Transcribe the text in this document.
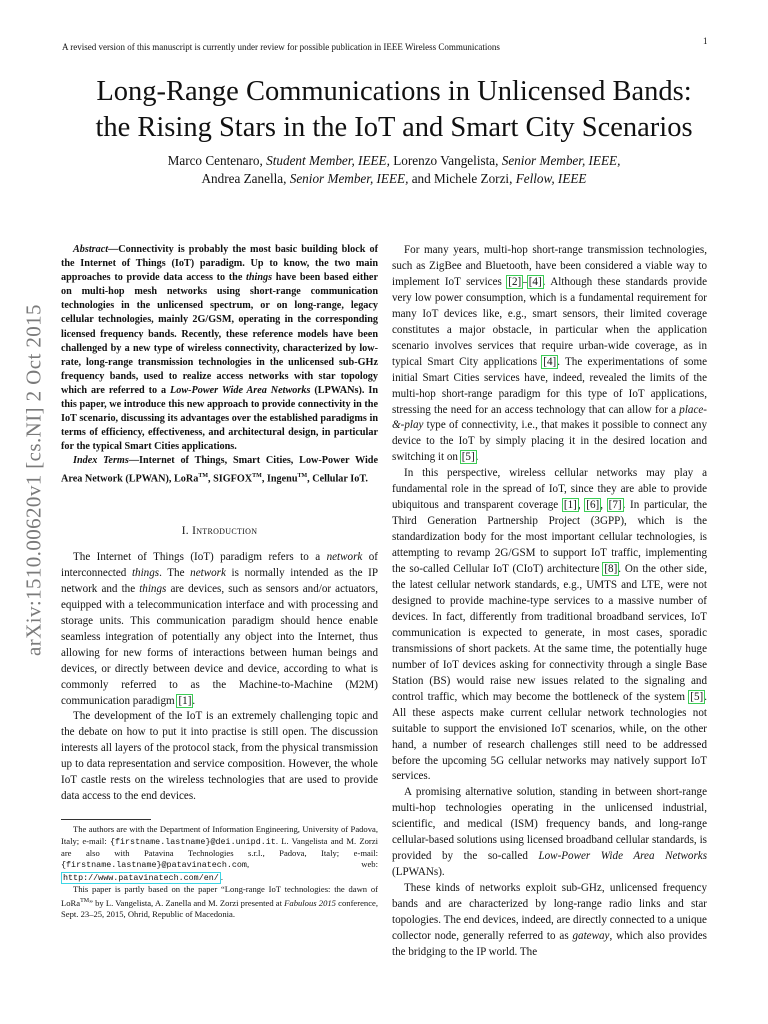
A revised version of this manuscript is currently under review for possible publication in IEEE Wireless Communications
1
arXiv:1510.00620v1 [cs.NI] 2 Oct 2015
Long-Range Communications in Unlicensed Bands:
the Rising Stars in the IoT and Smart City Scenarios
Marco Centenaro, Student Member, IEEE, Lorenzo Vangelista, Senior Member, IEEE,
Andrea Zanella, Senior Member, IEEE, and Michele Zorzi, Fellow, IEEE

Abstract—Connectivity is probably the most basic building block of the Internet of Things (IoT) paradigm. Up to know, the two main approaches to provide data access to the things have been based either on multi-hop mesh networks using short-range communication technologies in the unlicensed spectrum, or on long-range, legacy cellular technologies, mainly 2G/GSM, operating in the corresponding licensed frequency bands. Recently, these reference models have been challenged by a new type of wireless connectivity, characterized by low-rate, long-range transmission technologies in the unlicensed sub-GHz frequency bands, used to realize access networks with star topology which are referred to a Low-Power Wide Area Networks (LPWANs). In this paper, we introduce this new approach to provide connectivity in the IoT scenario, discussing its advantages over the established paradigms in terms of efficiency, effectiveness, and architectural design, in particular for the typical Smart Cities applications.

Index Terms—Internet of Things, Smart Cities, Low-Power Wide Area Network (LPWAN), LoRa™, SIGFOX™, Ingenu™, Cellular IoT.

I. Introduction

The Internet of Things (IoT) paradigm refers to a network of interconnected things. The network is normally intended as the IP network and the things are devices, such as sensors and/or actuators, equipped with a telecommunication interface and with processing and storage units. This communication paradigm should hence enable seamless integration of potentially any object into the Internet, thus allowing for new forms of interactions between human beings and devices, or directly between device and device, according to what is commonly referred to as the Machine-to-Machine (M2M) communication paradigm [1].

The development of the IoT is an extremely challenging topic and the debate on how to put it into practise is still open. The discussion interests all layers of the protocol stack, from the physical transmission up to data representation and service composition. However, the whole IoT castle rests on the wireless technologies that are used to provide data access to the end devices.

The authors are with the Department of Information Engineering, University of Padova, Italy; e-mail: {firstname.lastname}@dei.unipd.it. L. Vangelista and M. Zorzi are also with Patavina Technologies s.r.l., Padova, Italy; e-mail: {firstname.lastname}@patavinatech.com, web: http://www.patavinatech.com/en/ .

This paper is partly based on the paper “Long-range IoT technologies: the dawn of LoRa™” by L. Vangelista, A. Zanella and M. Zorzi presented at Fabulous 2015 conference, Sept. 23–25, 2015, Ohrid, Republic of Macedonia.

For many years, multi-hop short-range transmission technologies, such as ZigBee and Bluetooth, have been considered a viable way to implement IoT services [2]–[4]. Although these standards provide very low power consumption, which is a fundamental requirement for many IoT devices like, e.g., smart sensors, their limited coverage constitutes a major obstacle, in particular when the application scenario involves services that require urban-wide coverage, as in typical Smart City applications [4]. The experimentations of some initial Smart Cities services have, indeed, revealed the limits of the multi-hop short-range paradigm for this type of IoT applications, stressing the need for an access technology that can allow for a place-&-play type of connectivity, i.e., that makes it possible to connect any device to the IoT by simply placing it in the desired location and switching it on [5].

In this perspective, wireless cellular networks may play a fundamental role in the spread of IoT, since they are able to provide ubiquitous and transparent coverage [1], [6], [7]. In particular, the Third Generation Partnership Project (3GPP), which is the standardization body for the most important cellular technologies, is attempting to revamp 2G/GSM to support IoT traffic, implementing the so-called Cellular IoT (CIoT) architecture [8]. On the other side, the latest cellular network standards, e.g., UMTS and LTE, were not designed to provide machine-type services to a massive number of devices. In fact, differently from traditional broadband services, IoT communication is expected to generate, in most cases, sporadic transmissions of short packets. At the same time, the potentially huge number of IoT devices asking for connectivity through a single Base Station (BS) would raise new issues related to the signaling and control traffic, which may become the bottleneck of the system [5]. All these aspects make current cellular network technologies not suitable to support the envisioned IoT scenarios, while, on the other hand, a number of research challenges still need to be addressed before the upcoming 5G cellular networks may natively support IoT services.

A promising alternative solution, standing in between short-range multi-hop technologies operating in the unlicensed industrial, scientific, and medical (ISM) frequency bands, and long-range cellular-based solutions using licensed broadband cellular standards, is provided by the so-called Low-Power Wide Area Networks (LPWANs).

These kinds of networks exploit sub-GHz, unlicensed frequency bands and are characterized by long-range radio links and star topologies. The end devices, indeed, are directly connected to a unique collector node, generally referred to as gateway, which also provides the bridging to the IP world. The
